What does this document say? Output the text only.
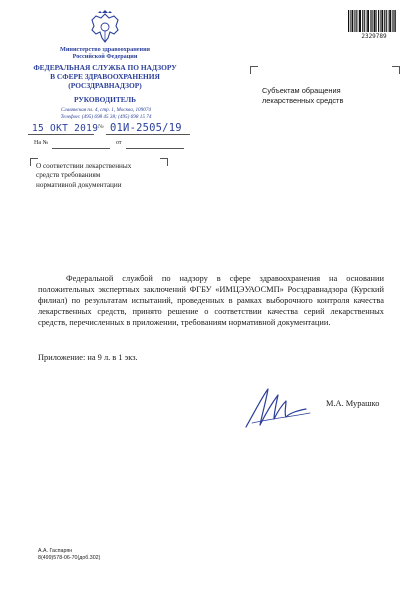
Министерство здравоохранения
Российской Федерации
ФЕДЕРАЛЬНАЯ СЛУЖБА ПО НАДЗОРУ
В СФЕРЕ ЗДРАВООХРАНЕНИЯ
(РОСЗДРАВНАДЗОР)
РУКОВОДИТЕЛЬ
Славянская пл. 4, стр. 1, Москва, 109074
Телефон: (495) 698 45 38; (495) 698 15 74
15 ОКТ 2019 № 01И-2505/19
На №	от
О соответствии лекарственных
средств требованиям
нормативной документации
2329789
Субъектам обращения
лекарственных средств
Федеральной службой по надзору в сфере здравоохранения на основании положительных экспертных заключений ФГБУ «ИМЦЭУАОСМП» Росздравнадзора (Курский филиал) по результатам испытаний, проведенных в рамках выборочного контроля качества лекарственных средств, принято решение о соответствии качества серий лекарственных средств, перечисленных в приложении, требованиям нормативной документации.
Приложение: на 9 л. в 1 экз.
М.А. Мурашко
А.А. Гаспарян
8(499)578-06-70(доб.302)
